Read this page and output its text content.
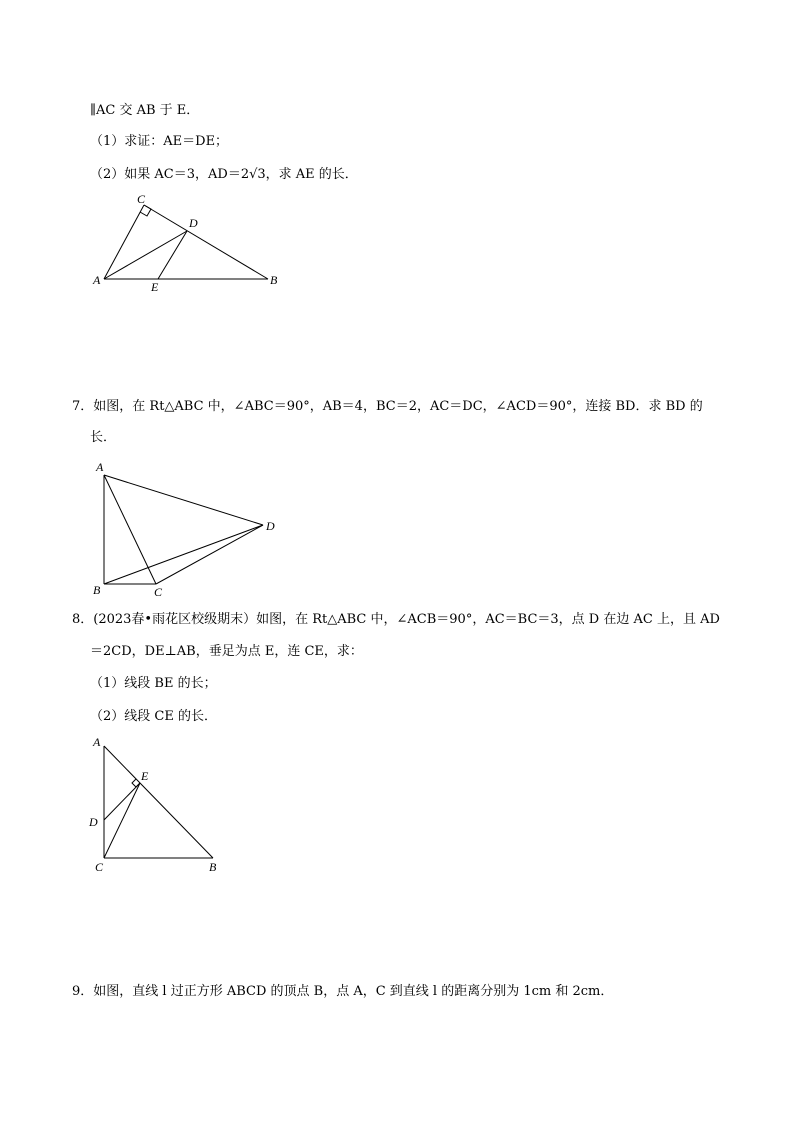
∥AC 交 AB 于 E．
（1）求证：AE＝DE；
（2）如果 AC＝3，AD＝2√3，求 AE 的长．
C
D
A	E	B
7．如图，在 Rt△ABC 中，∠ABC＝90°，AB＝4，BC＝2，AC＝DC，∠ACD＝90°，连接 BD．求 BD 的
长．
A
D
B	C
8．(2023春•雨花区校级期末）如图，在 Rt△ABC 中，∠ACB＝90°，AC＝BC＝3，点 D 在边 AC 上，且 AD
＝2CD，DE⊥AB，垂足为点 E，连 CE，求：
（1）线段 BE 的长；
（2）线段 CE 的长．
A
E
D
C	B
9．如图，直线 l 过正方形 ABCD 的顶点 B，点 A，C 到直线 l 的距离分别为 1cm 和 2cm．
